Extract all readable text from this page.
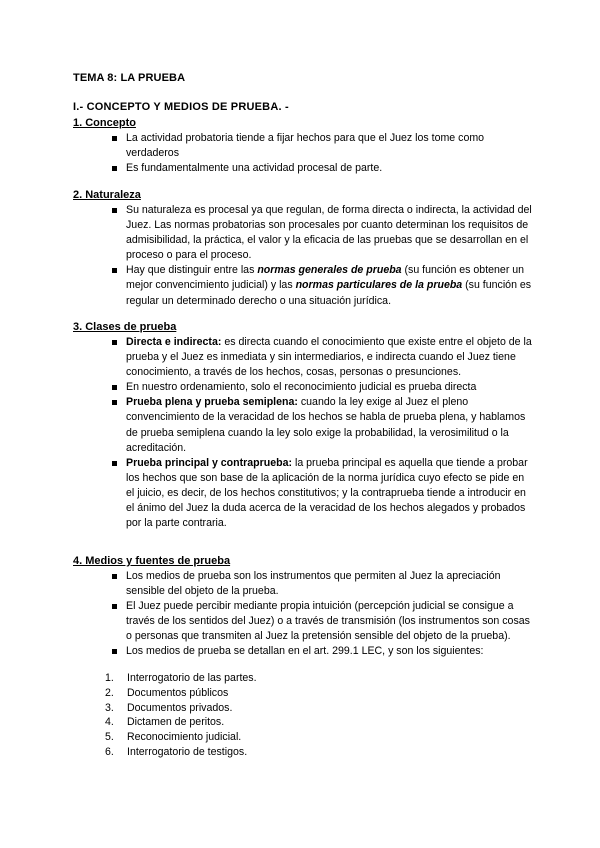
TEMA 8: LA PRUEBA
I.- CONCEPTO Y MEDIOS DE PRUEBA. -
1. Concepto
La actividad probatoria tiende a fijar hechos para que el Juez los tome como verdaderos
Es fundamentalmente una actividad procesal de parte.
2. Naturaleza
Su naturaleza es procesal ya que regulan, de forma directa o indirecta, la actividad del Juez. Las normas probatorias son procesales por cuanto determinan los requisitos de admisibilidad, la práctica, el valor y la eficacia de las pruebas que se desarrollan en el proceso o para el proceso.
Hay que distinguir entre las normas generales de prueba (su función es obtener un mejor convencimiento judicial) y las normas particulares de la prueba (su función es regular un determinado derecho o una situación jurídica.
3. Clases de prueba
Directa e indirecta: es directa cuando el conocimiento que existe entre el objeto de la prueba y el Juez es inmediata y sin intermediarios, e indirecta cuando el Juez tiene conocimiento, a través de los hechos, cosas, personas o presunciones.
En nuestro ordenamiento, solo el reconocimiento judicial es prueba directa
Prueba plena y prueba semiplena: cuando la ley exige al Juez el pleno convencimiento de la veracidad de los hechos se habla de prueba plena, y hablamos de prueba semiplena cuando la ley solo exige la probabilidad, la verosimilitud o la acreditación.
Prueba principal y contraprueba: la prueba principal es aquella que tiende a probar los hechos que son base de la aplicación de la norma jurídica cuyo efecto se pide en el juicio, es decir, de los hechos constitutivos; y la contraprueba tiende a introducir en el ánimo del Juez la duda acerca de la veracidad de los hechos alegados y probados por la parte contraria.
4. Medios y fuentes de prueba
Los medios de prueba son los instrumentos que permiten al Juez la apreciación sensible del objeto de la prueba.
El Juez puede percibir mediante propia intuición (percepción judicial se consigue a través de los sentidos del Juez) o a través de transmisión (los instrumentos son cosas o personas que transmiten al Juez la pretensión sensible del objeto de la prueba).
Los medios de prueba se detallan en el art. 299.1 LEC, y son los siguientes:
1. Interrogatorio de las partes.
2. Documentos públicos
3. Documentos privados.
4. Dictamen de peritos.
5. Reconocimiento judicial.
6. Interrogatorio de testigos.
